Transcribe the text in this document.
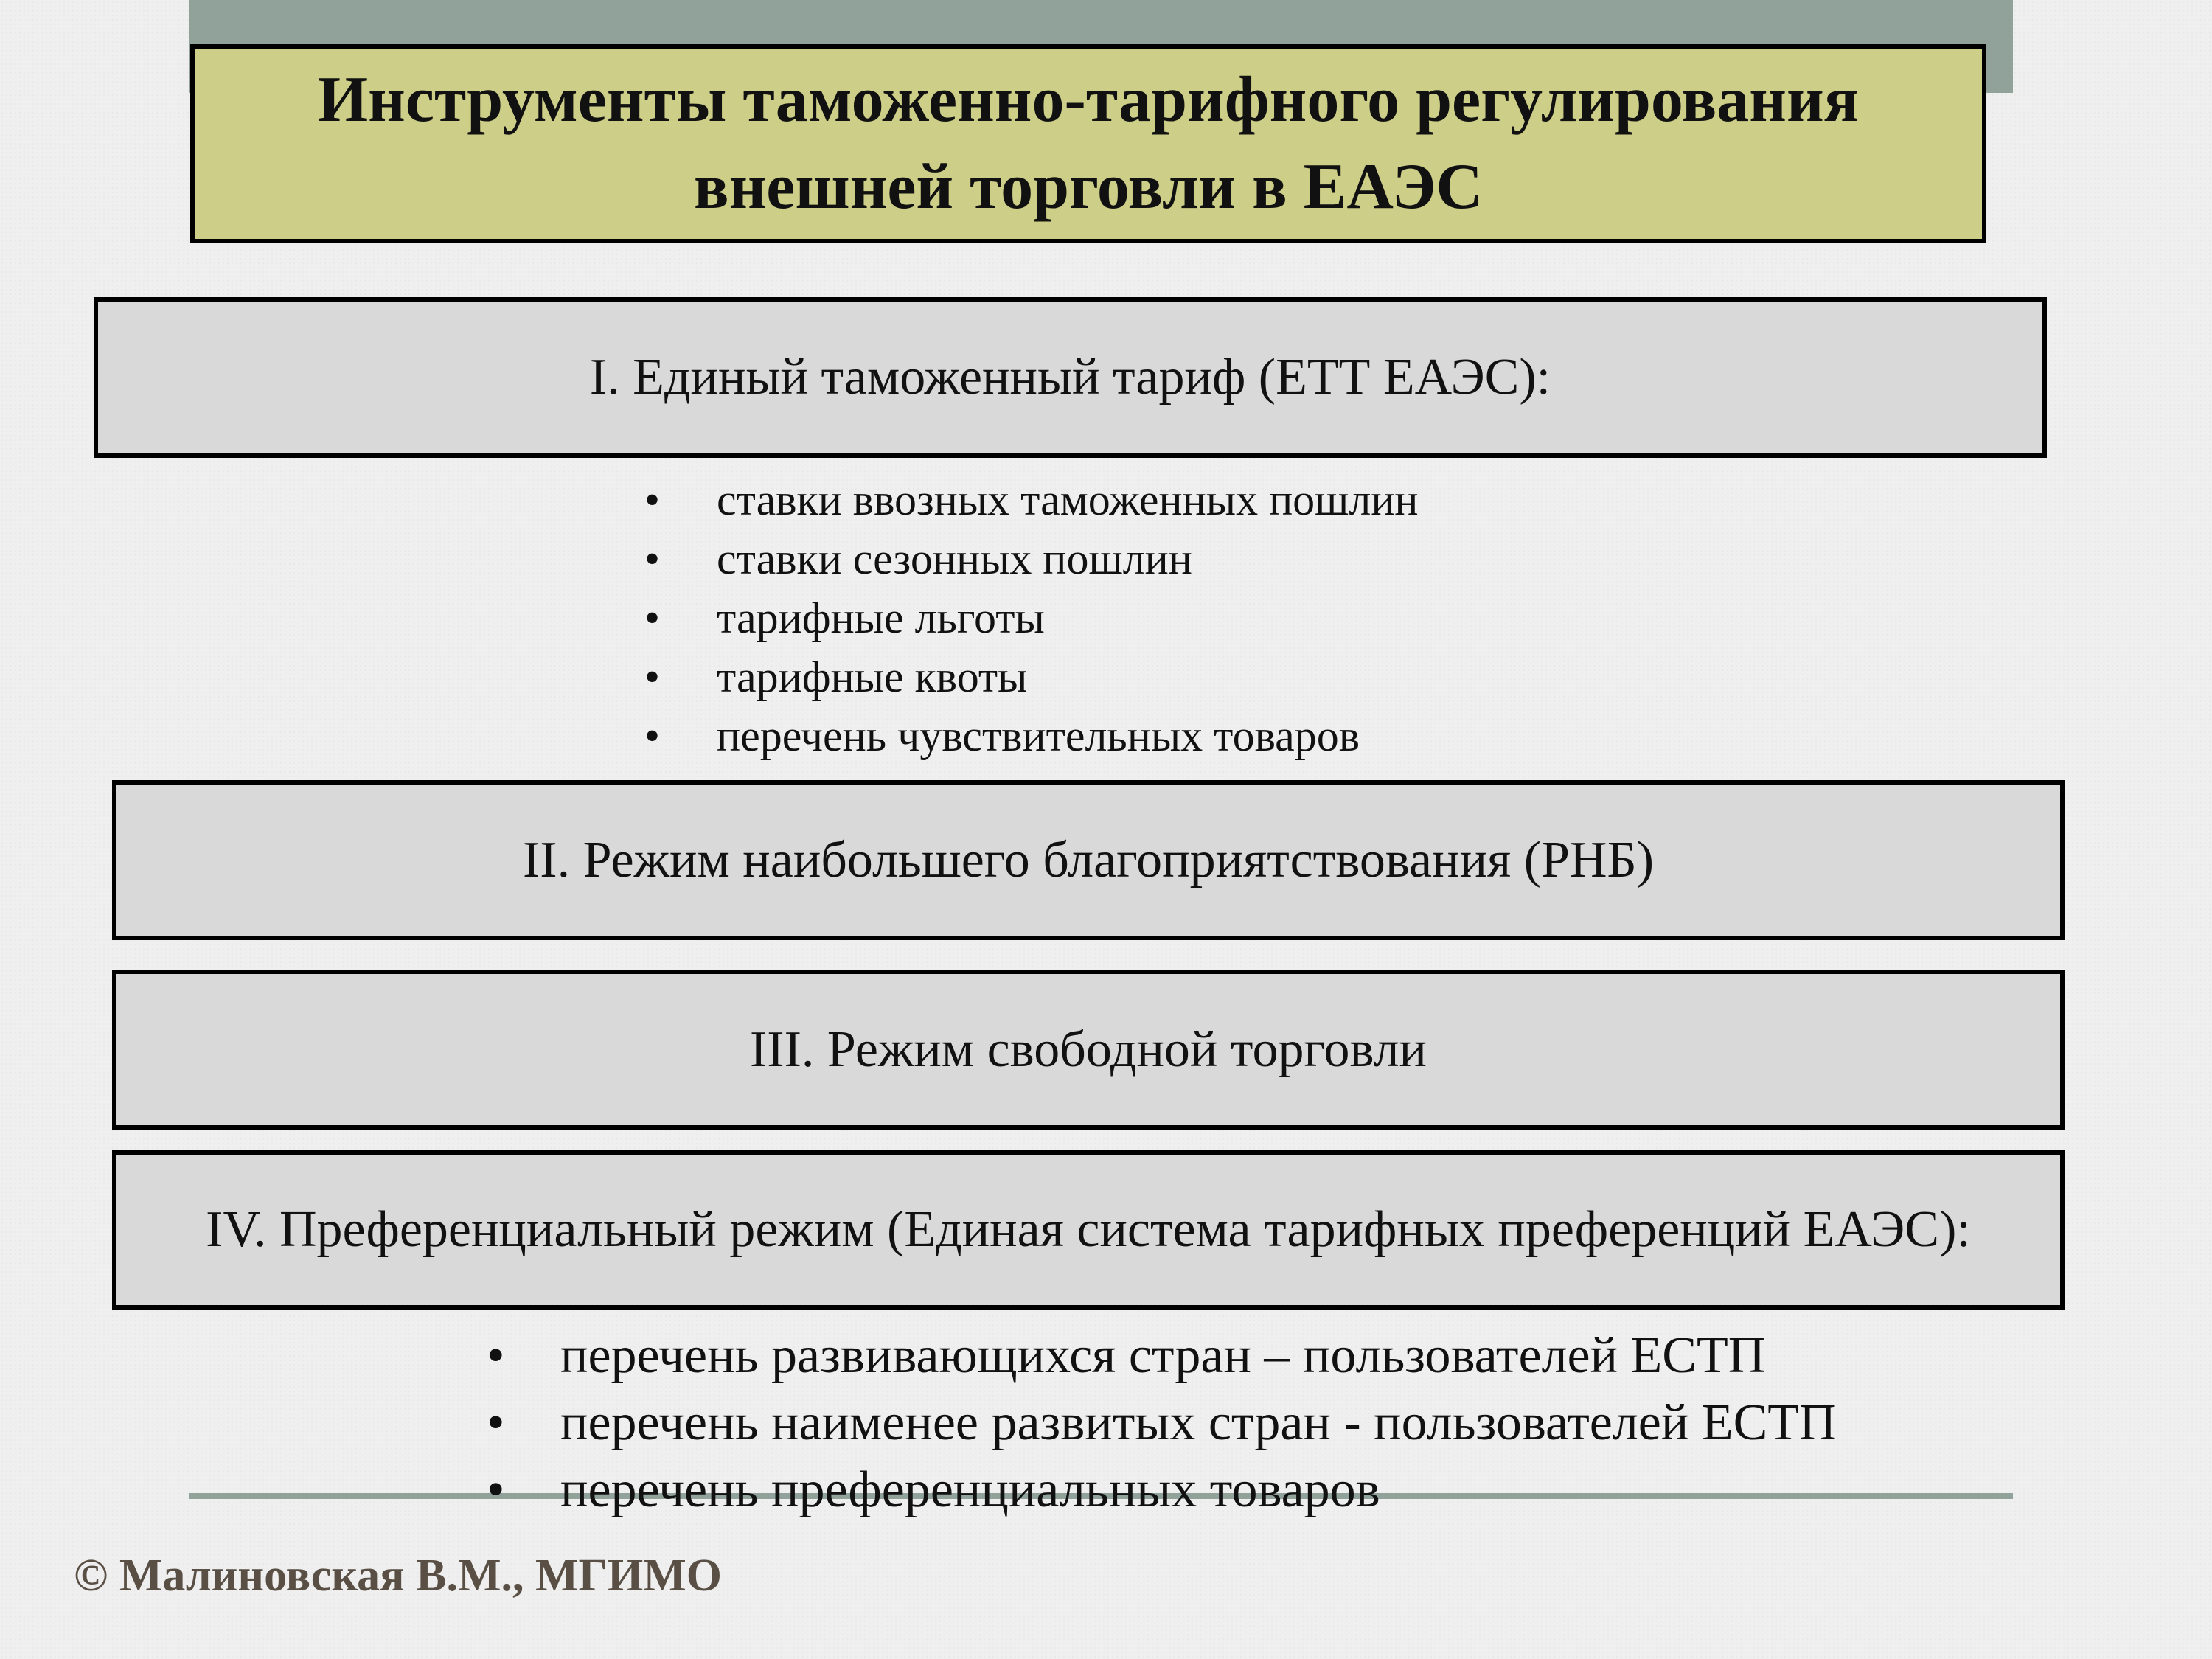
Инструменты таможенно-тарифного регулирования внешней торговли в ЕАЭС
I. Единый таможенный тариф (ЕТТ ЕАЭС):
• ставки ввозных таможенных пошлин
• ставки сезонных пошлин
• тарифные льготы
• тарифные квоты
• перечень чувствительных товаров
II. Режим наибольшего благоприятствования (РНБ)
III. Режим свободной торговли
IV. Преференциальный режим (Единая система тарифных преференций ЕАЭС):
• перечень развивающихся стран – пользователей ЕСТП
• перечень наименее развитых стран - пользователей ЕСТП
• перечень преференциальных товаров
© Малиновская В.М., МГИМО
